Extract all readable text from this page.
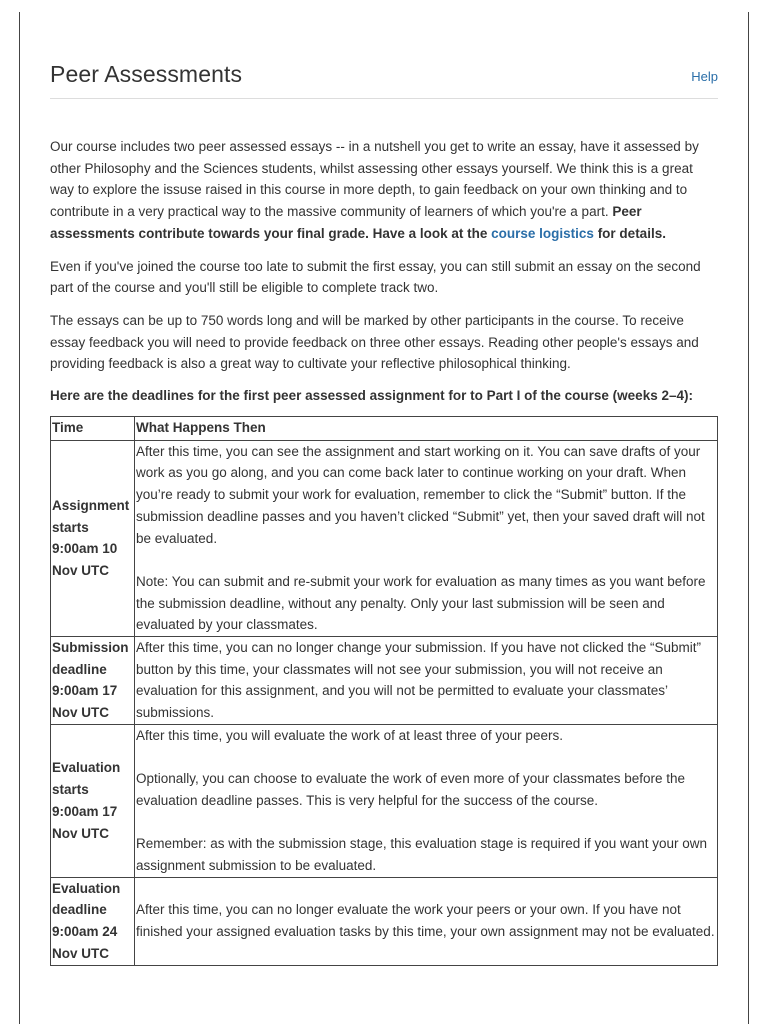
Peer Assessments	Help

Our course includes two peer assessed essays -- in a nutshell you get to write an essay, have it assessed by other Philosophy and the Sciences students, whilst assessing other essays yourself. We think this is a great way to explore the issuse raised in this course in more depth, to gain feedback on your own thinking and to contribute in a very practical way to the massive community of learners of which you're a part. Peer assessments contribute towards your final grade. Have a look at the course logistics for details.

Even if you've joined the course too late to submit the first essay, you can still submit an essay on the second part of the course and you'll still be eligible to complete track two.

The essays can be up to 750 words long and will be marked by other participants in the course. To receive essay feedback you will need to provide feedback on three other essays. Reading other people's essays and providing feedback is also a great way to cultivate your reflective philosophical thinking.

Here are the deadlines for the first peer assessed assignment for to Part I of the course (weeks 2–4):

Time	What Happens Then
Assignment starts 9:00am 10 Nov UTC	After this time, you can see the assignment and start working on it. You can save drafts of your work as you go along, and you can come back later to continue working on your draft. When you’re ready to submit your work for evaluation, remember to click the “Submit” button. If the submission deadline passes and you haven’t clicked “Submit” yet, then your saved draft will not be evaluated.
Note: You can submit and re-submit your work for evaluation as many times as you want before the submission deadline, without any penalty. Only your last submission will be seen and evaluated by your classmates.

Submission deadline 9:00am 17 Nov UTC	After this time, you can no longer change your submission. If you have not clicked the “Submit” button by this time, your classmates will not see your submission, you will not receive an evaluation for this assignment, and you will not be permitted to evaluate your classmates’ submissions.

Evaluation starts 9:00am 17 Nov UTC	After this time, you will evaluate the work of at least three of your peers.
Optionally, you can choose to evaluate the work of even more of your classmates before the evaluation deadline passes. This is very helpful for the success of the course.
Remember: as with the submission stage, this evaluation stage is required if you want your own assignment submission to be evaluated.

Evaluation deadline 9:00am 24 Nov UTC	After this time, you can no longer evaluate the work your peers or your own. If you have not finished your assigned evaluation tasks by this time, your own assignment may not be evaluated.
